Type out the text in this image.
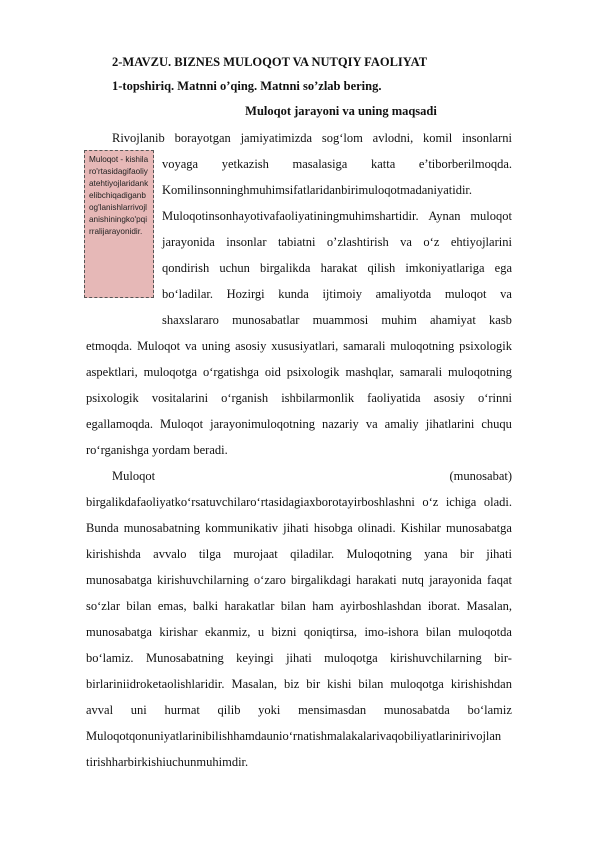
2-MAVZU. BIZNES MULOQOT VA NUTQIY FAOLIYAT
1-topshiriq. Matnni o’qing. Matnni so’zlab bering.
Muloqot jarayoni va uning maqsadi
Muloqot - kishilaro'rtasidagifaoliyatehtiyojlaridankelibchiqadiganbog'lanishlarrivojlanishiningko'pqirralijarayonidir.
Rivojlanib borayotgan jamiyatimizda sog‘lom avlodni, komil insonlarni
voyaga yetkazish masalasiga katta e’tiborberilmoqda.
Komilinsonninghmuhimsifatlaridanbirimuloqotmadaniyatidir.
Muloqotinsonhayotivafaoliyatiningmuhimshartidir. Aynan muloqot
jarayonida insonlar tabiatni o’zlashtirish va o‘z ehtiyojlarini
qondirish uchun birgalikda harakat qilish imkoniyatlariga ega
bo‘ladilar. Hozirgi kunda ijtimoiy amaliyotda muloqot va
shaxslararo munosabatlar muammosi muhim ahamiyat kasb
etmoqda. Muloqot va uning asosiy xususiyatlari, samarali muloqotning psixologik
aspektlari, muloqotga o‘rgatishga oid psixologik mashqlar, samarali muloqotning
psixologik vositalarini o‘rganish ishbilarmonlik faoliyatida asosiy o‘rinni
egallamoqda. Muloqot jarayonimuloqotning nazariy va amaliy jihatlarini chuqu
ro‘rganishga yordam beradi.
Muloqot	(munosabat)
birgalikdafaoliyatko‘rsatuvchilaro‘rtasidagiaxborotayirboshlashni o‘z ichiga oladi.
Bunda munosabatning kommunikativ jihati hisobga olinadi. Kishilar munosabatga
kirishishda avvalo tilga murojaat qiladilar. Muloqotning yana bir jihati
munosabatga kirishuvchilarning o‘zaro birgalikdagi harakati nutq jarayonida faqat
so‘zlar bilan emas, balki harakatlar bilan ham ayirboshlashdan iborat. Masalan,
munosabatga kirishar ekanmiz, u bizni qoniqtirsa, imo-ishora bilan muloqotda
bo‘lamiz. Munosabatning keyingi jihati muloqotga kirishuvchilarning bir-
birlariniidroketaolishlaridir. Masalan, biz bir kishi bilan muloqotga kirishishdan
avval uni hurmat qilib yoki mensimasdan munosabatda bo‘lamiz
Muloqotqonuniyatlarinibilishhamdaunio‘rnatishmalakalarivaqobiliyatlarinirivojlan
tirishharbirkishiuchunmuhimdir.
